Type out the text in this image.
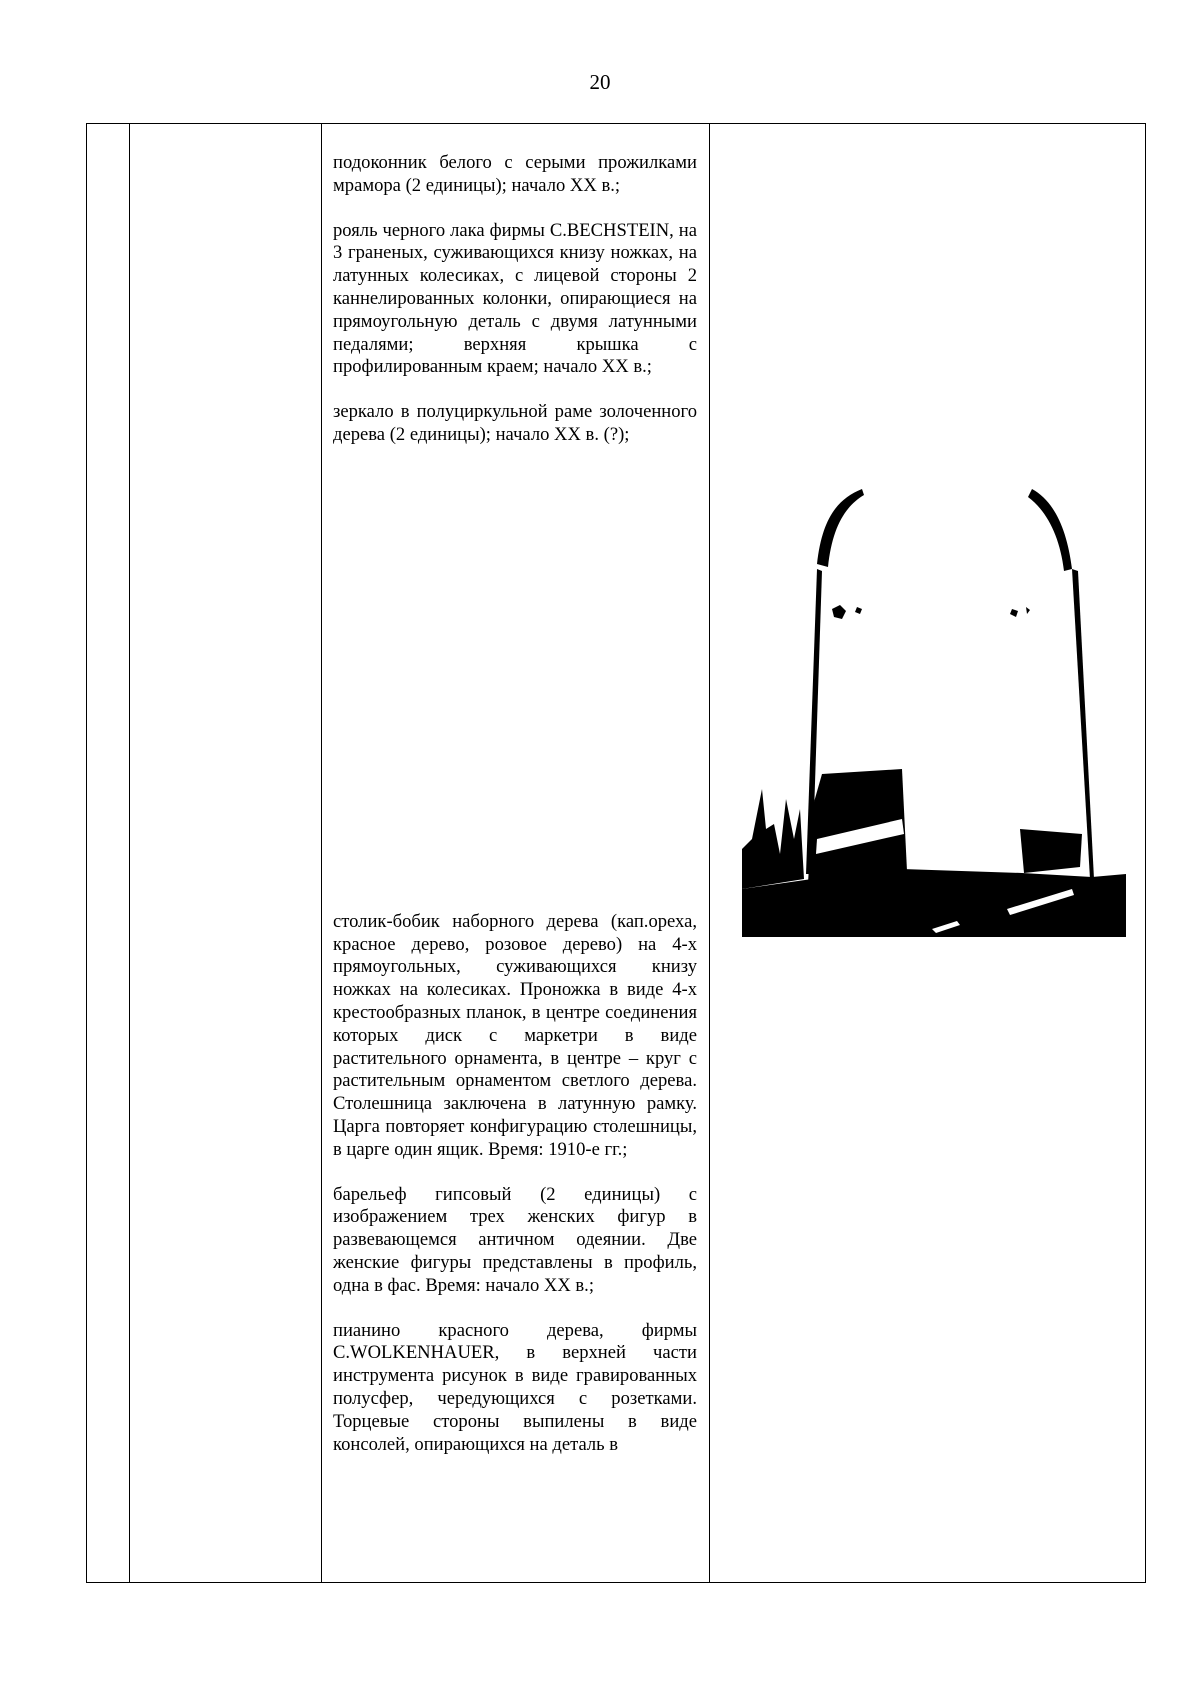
20

подоконник белого с серыми прожилками мрамора (2 единицы); начало XX в.;

рояль черного лака фирмы C.BECHSTEIN, на 3 граненых, суживающихся книзу ножках, на латунных колесиках, с лицевой стороны 2 каннелированных колонки, опирающиеся на прямоугольную деталь с двумя латунными педалями; верхняя крышка с профилированным краем; начало XX в.;

зеркало в полуциркульной раме золоченного дерева (2 единицы); начало XX в. (?);

столик-бобик наборного дерева (кап.ореха, красное дерево, розовое дерево) на 4-х прямоугольных, суживающихся книзу ножках на колесиках. Проножка в виде 4-х крестообразных планок, в центре соединения которых диск с маркетри в виде растительного орнамента, в центре – круг с растительным орнаментом светлого дерева. Столешница заключена в латунную рамку. Царга повторяет конфигурацию столешницы, в царге один ящик. Время: 1910-е гг.;

барельеф гипсовый (2 единицы) с изображением трех женских фигур в развевающемся античном одеянии. Две женские фигуры представлены в профиль, одна в фас. Время: начало XX в.;

пианино красного дерева, фирмы C.WOLKENHAUER, в верхней части инструмента рисунок в виде гравированных полусфер, чередующихся с розетками. Торцевые стороны выпилены в виде консолей, опирающихся на деталь в
